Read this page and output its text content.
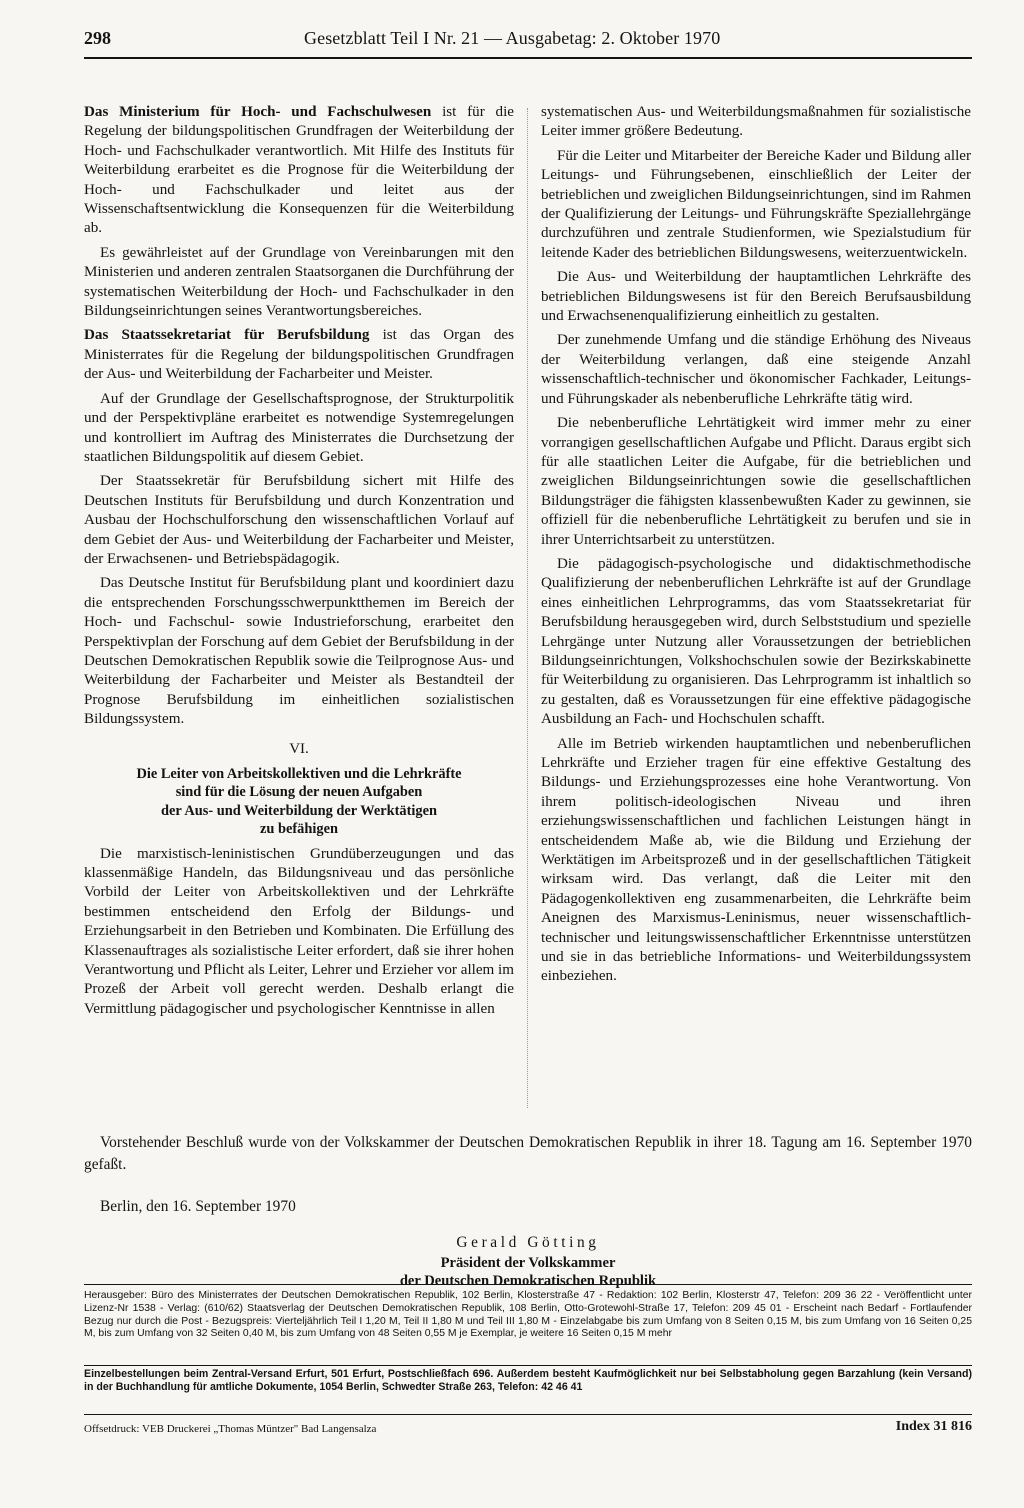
298	Gesetzblatt Teil I Nr. 21 — Ausgabetag: 2. Oktober 1970

Das Ministerium für Hoch- und Fachschulwesen ist für die Regelung der bildungspolitischen Grundfragen der Weiterbildung der Hoch- und Fachschulkader verantwortlich. Mit Hilfe des Instituts für Weiterbildung erarbeitet es die Prognose für die Weiterbildung der Hoch- und Fachschulkader und leitet aus der Wissenschaftsentwicklung die Konsequenzen für die Weiterbildung ab.

Es gewährleistet auf der Grundlage von Vereinbarungen mit den Ministerien und anderen zentralen Staatsorganen die Durchführung der systematischen Weiterbildung der Hoch- und Fachschulkader in den Bildungseinrichtungen seines Verantwortungsbereiches.

Das Staatssekretariat für Berufsbildung ist das Organ des Ministerrates für die Regelung der bildungspolitischen Grundfragen der Aus- und Weiterbildung der Facharbeiter und Meister.

Auf der Grundlage der Gesellschaftsprognose, der Strukturpolitik und der Perspektivpläne erarbeitet es notwendige Systemregelungen und kontrolliert im Auftrag des Ministerrates die Durchsetzung der staatlichen Bildungspolitik auf diesem Gebiet.

Der Staatssekretär für Berufsbildung sichert mit Hilfe des Deutschen Instituts für Berufsbildung und durch Konzentration und Ausbau der Hochschulforschung den wissenschaftlichen Vorlauf auf dem Gebiet der Aus- und Weiterbildung der Facharbeiter und Meister, der Erwachsenen- und Betriebspädagogik.

Das Deutsche Institut für Berufsbildung plant und koordiniert dazu die entsprechenden Forschungsschwerpunktthemen im Bereich der Hoch- und Fachschul- sowie Industrieforschung, erarbeitet den Perspektivplan der Forschung auf dem Gebiet der Berufsbildung in der Deutschen Demokratischen Republik sowie die Teilprognose Aus- und Weiterbildung der Facharbeiter und Meister als Bestandteil der Prognose Berufsbildung im einheitlichen sozialistischen Bildungssystem.

VI.
Die Leiter von Arbeitskollektiven und die Lehrkräfte
sind für die Lösung der neuen Aufgaben
der Aus- und Weiterbildung der Werktätigen
zu befähigen

Die marxistisch-leninistischen Grundüberzeugungen und das klassenmäßige Handeln, das Bildungsniveau und das persönliche Vorbild der Leiter von Arbeitskollektiven und der Lehrkräfte bestimmen entscheidend den Erfolg der Bildungs- und Erziehungsarbeit in den Betrieben und Kombinaten. Die Erfüllung des Klassenauftrages als sozialistische Leiter erfordert, daß sie ihrer hohen Verantwortung und Pflicht als Leiter, Lehrer und Erzieher vor allem im Prozeß der Arbeit voll gerecht werden. Deshalb erlangt die Vermittlung pädagogischer und psychologischer Kenntnisse in allen

systematischen Aus- und Weiterbildungsmaßnahmen für sozialistische Leiter immer größere Bedeutung.

Für die Leiter und Mitarbeiter der Bereiche Kader und Bildung aller Leitungs- und Führungsebenen, einschließlich der Leiter der betrieblichen und zweiglichen Bildungseinrichtungen, sind im Rahmen der Qualifizierung der Leitungs- und Führungskräfte Speziallehrgänge durchzuführen und zentrale Studienformen, wie Spezialstudium für leitende Kader des betrieblichen Bildungswesens, weiterzuentwickeln.

Die Aus- und Weiterbildung der hauptamtlichen Lehrkräfte des betrieblichen Bildungswesens ist für den Bereich Berufsausbildung und Erwachsenenqualifizierung einheitlich zu gestalten.

Der zunehmende Umfang und die ständige Erhöhung des Niveaus der Weiterbildung verlangen, daß eine steigende Anzahl wissenschaftlich-technischer und ökonomischer Fachkader, Leitungs- und Führungskader als nebenberufliche Lehrkräfte tätig wird.

Die nebenberufliche Lehrtätigkeit wird immer mehr zu einer vorrangigen gesellschaftlichen Aufgabe und Pflicht. Daraus ergibt sich für alle staatlichen Leiter die Aufgabe, für die betrieblichen und zweiglichen Bildungseinrichtungen sowie die gesellschaftlichen Bildungsträger die fähigsten klassenbewußten Kader zu gewinnen, sie offiziell für die nebenberufliche Lehrtätigkeit zu berufen und sie in ihrer Unterrichtsarbeit zu unterstützen.

Die pädagogisch-psychologische und didaktischmethodische Qualifizierung der nebenberuflichen Lehrkräfte ist auf der Grundlage eines einheitlichen Lehrprogramms, das vom Staatssekretariat für Berufsbildung herausgegeben wird, durch Selbststudium und spezielle Lehrgänge unter Nutzung aller Voraussetzungen der betrieblichen Bildungseinrichtungen, Volkshochschulen sowie der Bezirkskabinette für Weiterbildung zu organisieren. Das Lehrprogramm ist inhaltlich so zu gestalten, daß es Voraussetzungen für eine effektive pädagogische Ausbildung an Fach- und Hochschulen schafft.

Alle im Betrieb wirkenden hauptamtlichen und nebenberuflichen Lehrkräfte und Erzieher tragen für eine effektive Gestaltung des Bildungs- und Erziehungsprozesses eine hohe Verantwortung. Von ihrem politisch-ideologischen Niveau und ihren erziehungswissenschaftlichen und fachlichen Leistungen hängt in entscheidendem Maße ab, wie die Bildung und Erziehung der Werktätigen im Arbeitsprozeß und in der gesellschaftlichen Tätigkeit wirksam wird. Das verlangt, daß die Leiter mit den Pädagogenkollektiven eng zusammenarbeiten, die Lehrkräfte beim Aneignen des Marxismus-Leninismus, neuer wissenschaftlich-technischer und leitungswissenschaftlicher Erkenntnisse unterstützen und sie in das betriebliche Informations- und Weiterbildungssystem einbeziehen.

Vorstehender Beschluß wurde von der Volkskammer der Deutschen Demokratischen Republik in ihrer 18. Tagung am 16. September 1970 gefaßt.

Berlin, den 16. September 1970
Gerald Götting
Präsident der Volkskammer
der Deutschen Demokratischen Republik
Herausgeber: Büro des Ministerrates der Deutschen Demokratischen Republik, 102 Berlin, Klosterstraße 47 - Redaktion: 102 Berlin, Klosterstr 47, Telefon: 209 36 22 - Veröffentlicht unter Lizenz-Nr 1538 - Verlag: (610/62) Staatsverlag der Deutschen Demokratischen Republik, 108 Berlin, Otto-Grotewohl-Straße 17, Telefon: 209 45 01 - Erscheint nach Bedarf - Fortlaufender Bezug nur durch die Post - Bezugspreis: Vierteljährlich Teil I 1,20 M, Teil II 1,80 M und Teil III 1,80 M - Einzelabgabe bis zum Umfang von 8 Seiten 0,15 M, bis zum Umfang von 16 Seiten 0,25 M, bis zum Umfang von 32 Seiten 0,40 M, bis zum Umfang von 48 Seiten 0,55 M je Exemplar, je weitere 16 Seiten 0,15 M mehr
Einzelbestellungen beim Zentral-Versand Erfurt, 501 Erfurt, Postschließfach 696. Außerdem besteht Kaufmöglichkeit nur bei Selbstabholung gegen Barzahlung (kein Versand) in der Buchhandlung für amtliche Dokumente, 1054 Berlin, Schwedter Straße 263, Telefon: 42 46 41
Offsetdruck: VEB Druckerei „Thomas Müntzer" Bad Langensalza	Index 31 816
